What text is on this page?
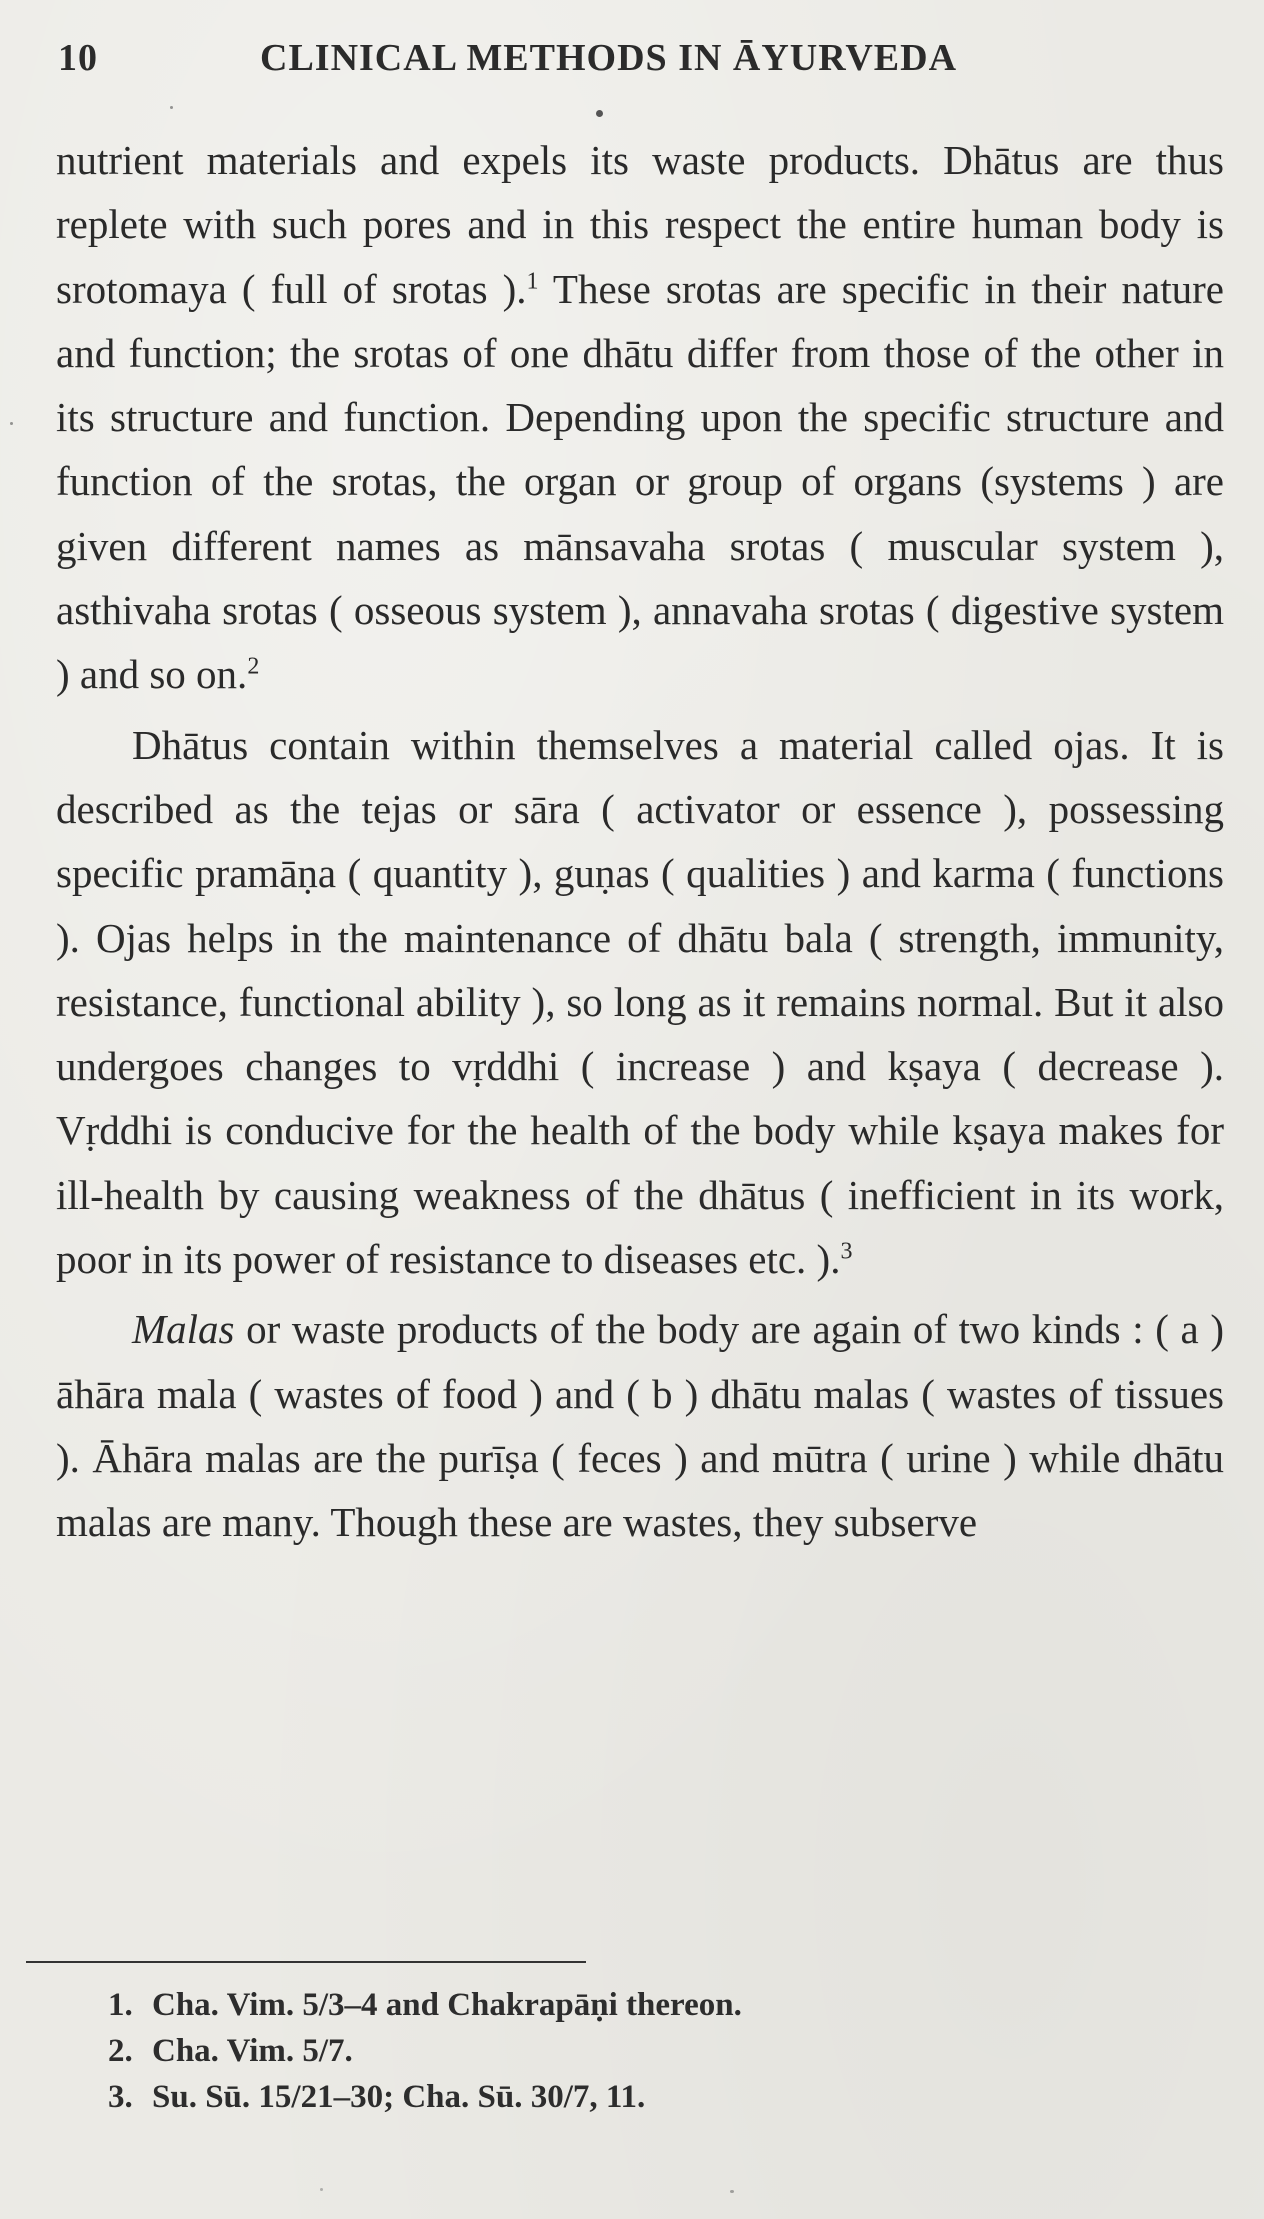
10	CLINICAL METHODS IN ĀYURVEDA

nutrient materials and expels its waste products. Dhātus are thus replete with such pores and in this respect the entire human body is srotomaya ( full of srotas ).$^1$ These srotas are specific in their nature and function; the srotas of one dhātu differ from those of the other in its structure and function. Depending upon the specific structure and function of the srotas, the organ or group of organs (systems ) are given different names as mānsavaha srotas ( muscular system ), asthivaha srotas ( osseous system ), annavaha srotas ( digestive system ) and so on.$^2$

Dhātus contain within themselves a material called ojas. It is described as the tejas or sāra ( activator or essence ), possessing specific pramāṇa ( quantity ), guṇas ( qualities ) and karma ( functions ). Ojas helps in the maintenance of dhātu bala ( strength, immunity, resistance, functional ability ), so long as it remains normal. But it also undergoes changes to vṛddhi ( increase ) and kṣaya ( decrease ). Vṛddhi is conducive for the health of the body while kṣaya makes for ill-health by causing weakness of the dhātus ( inefficient in its work, poor in its power of resistance to diseases etc. ).$^3$

Malas or waste products of the body are again of two kinds : ( a ) āhāra mala ( wastes of food ) and ( b ) dhātu malas ( wastes of tissues ). Āhāra malas are the purīṣa ( feces ) and mūtra ( urine ) while dhātu malas are many. Though these are wastes, they subserve

1. Cha. Vim. 5/3–4 and Chakrapāṇi thereon.
2. Cha. Vim. 5/7.
3. Su. Sū. 15/21–30; Cha. Sū. 30/7, 11.
